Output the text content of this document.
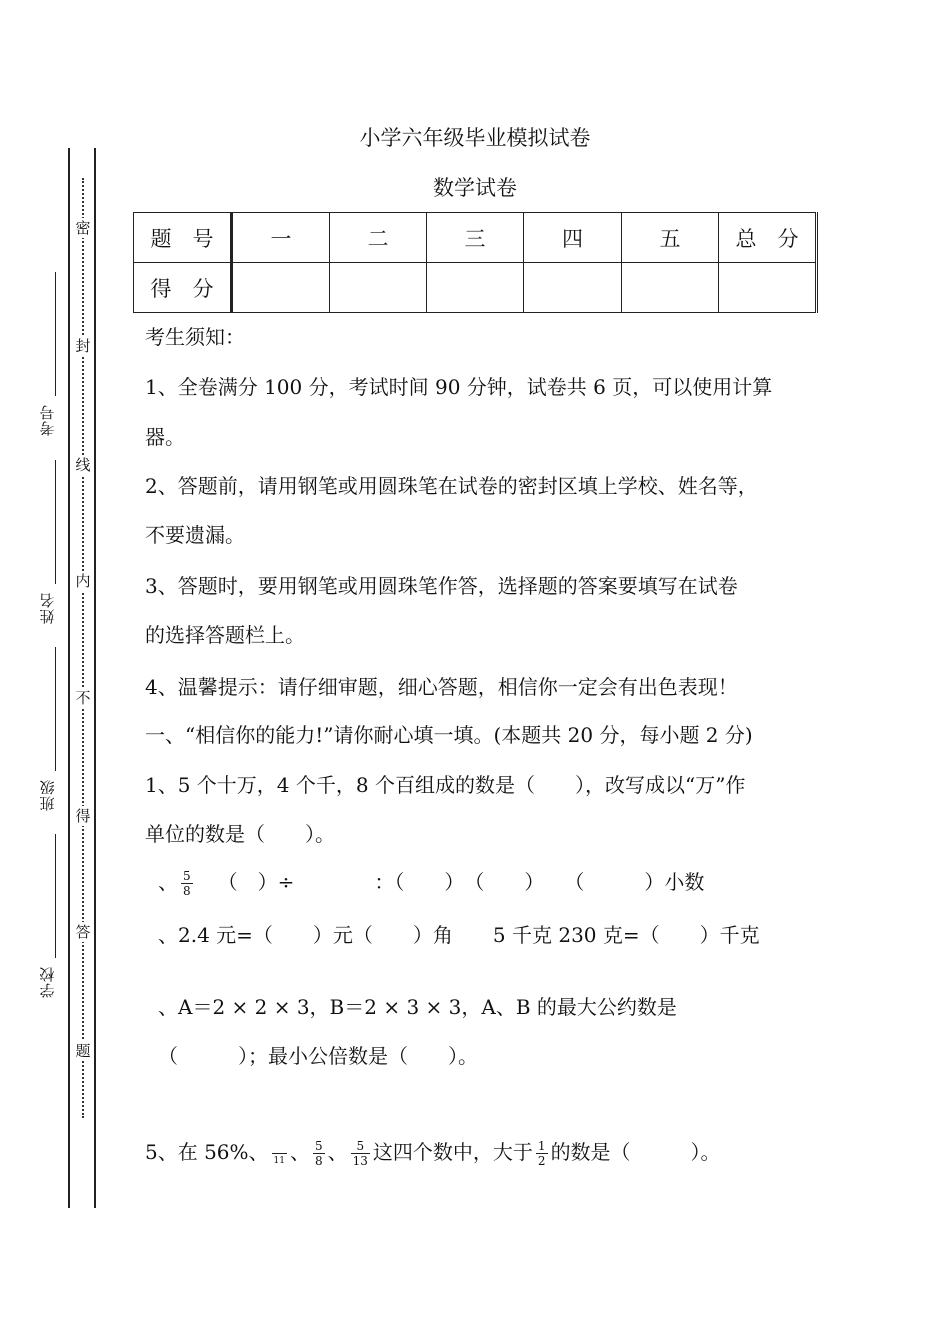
密
封
线
内
不
得
答
题
考号
姓名
班级
学校
小学六年级毕业模拟试卷
数学试卷
题　号	一	二	三	四	五	总　分
得　分						
考生须知：
1、全卷满分 100 分，考试时间 90 分钟，试卷共 6 页，可以使用计算
器。
2、答题前，请用钢笔或用圆珠笔在试卷的密封区填上学校、姓名等，
不要遗漏。
3、答题时，要用钢笔或用圆珠笔作答，选择题的答案要填写在试卷
的选择答题栏上。
4、温馨提示：请仔细审题，细心答题，相信你一定会有出色表现！
一、“相信你的能力!”请你耐心填一填。(本题共 20 分，每小题 2 分)
1、5 个十万，4 个千，8 个百组成的数是（　　），改写成以“万”作
单位的数是（　　）。
、 $\frac{5}{8}$ （　）÷　　　　：（　　）　（　　）　　（　　　）小数
、2.4 元=（　　）元（　　）角　　5 千克 230 克=（　　）千克
、A＝2 × 2 × 3，B＝2 × 3 × 3，A、B 的最大公约数是
（　　　）；最小公倍数是（　　）。
5、在 56%、 11 、 $\frac{5}{8}$ 、 $\frac{5}{13}$ 这四个数中，大于 $\frac{1}{2}$ 的数是（　　　）。
